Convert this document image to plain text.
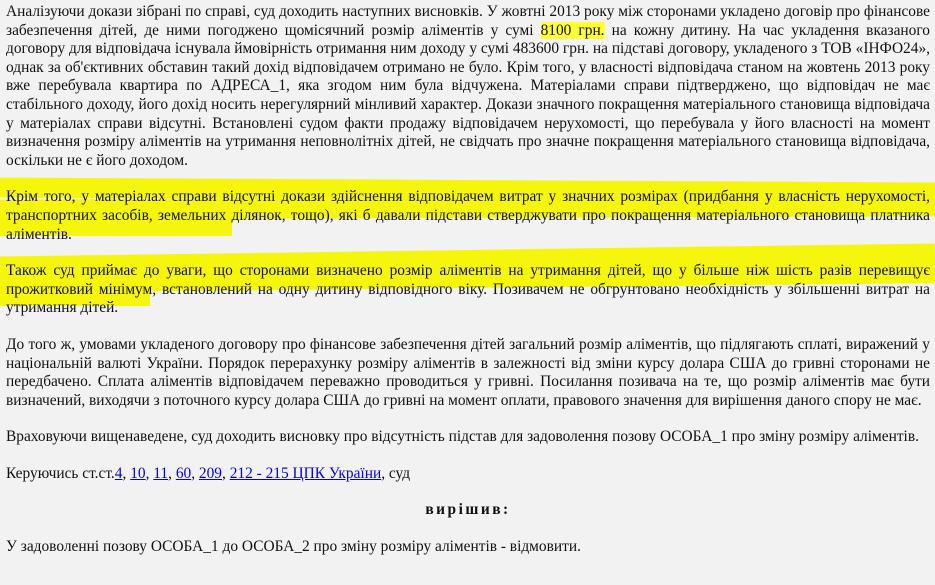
Аналізуючи докази зібрані по справі, суд доходить наступних висновків. У жовтні 2013 року між сторонами укладено договір про фінансове забезпечення дітей, де ними погоджено щомісячний розмір аліментів у сумі 8100 грн. на кожну дитину. На час укладення вказаного договору для відповідача існувала ймовірність отримання ним доходу у сумі 483600 грн. на підставі договору, укладеного з ТОВ «ІНФО24», однак за об'єктивних обставин такий дохід відповідачем отримано не було. Крім того, у власності відповідача станом на жовтень 2013 року вже перебувала квартира по АДРЕСА_1, яка згодом ним була відчужена. Матеріалами справи підтверджено, що відповідач не має стабільного доходу, його дохід носить нерегулярний мінливий характер. Докази значного покращення матеріального становища відповідача у матеріалах справи відсутні. Встановлені судом факти продажу відповідачем нерухомості, що перебувала у його власності на момент визначення розміру аліментів на утримання неповнолітніх дітей, не свідчать про значне покращення матеріального становища відповідача, оскільки не є його доходом.

Крім того, у матеріалах справи відсутні докази здійснення відповідачем витрат у значних розмірах (придбання у власність нерухомості, транспортних засобів, земельних ділянок, тощо), які б давали підстави стверджувати про покращення матеріального становища платника аліментів.

Також суд приймає до уваги, що сторонами визначено розмір аліментів на утримання дітей, що у більше ніж шість разів перевищує прожитковий мінімум, встановлений на одну дитину відповідного віку. Позивачем не обгрунтовано необхідність у збільшенні витрат на утримання дітей.

До того ж, умовами укладеного договору про фінансове забезпечення дітей загальний розмір аліментів, що підлягають сплаті, виражений у національній валюті України. Порядок перерахунку розміру аліментів в залежності від зміни курсу долара США до гривні сторонами не передбачено. Сплата аліментів відповідачем переважно проводиться у гривні. Посилання позивача на те, що розмір аліментів має бути визначений, виходячи з поточного курсу долара США до гривні на момент оплати, правового значення для вирішення даного спору не має.

Враховуючи вищенаведене, суд доходить висновку про відсутність підстав для задоволення позову ОСОБА_1 про зміну розміру аліментів.

Керуючись ст.ст.4, 10, 11, 60, 209, 212 - 215 ЦПК України, суд

вирішив:

У задоволенні позову ОСОБА_1 до ОСОБА_2 про зміну розміру аліментів - відмовити.
